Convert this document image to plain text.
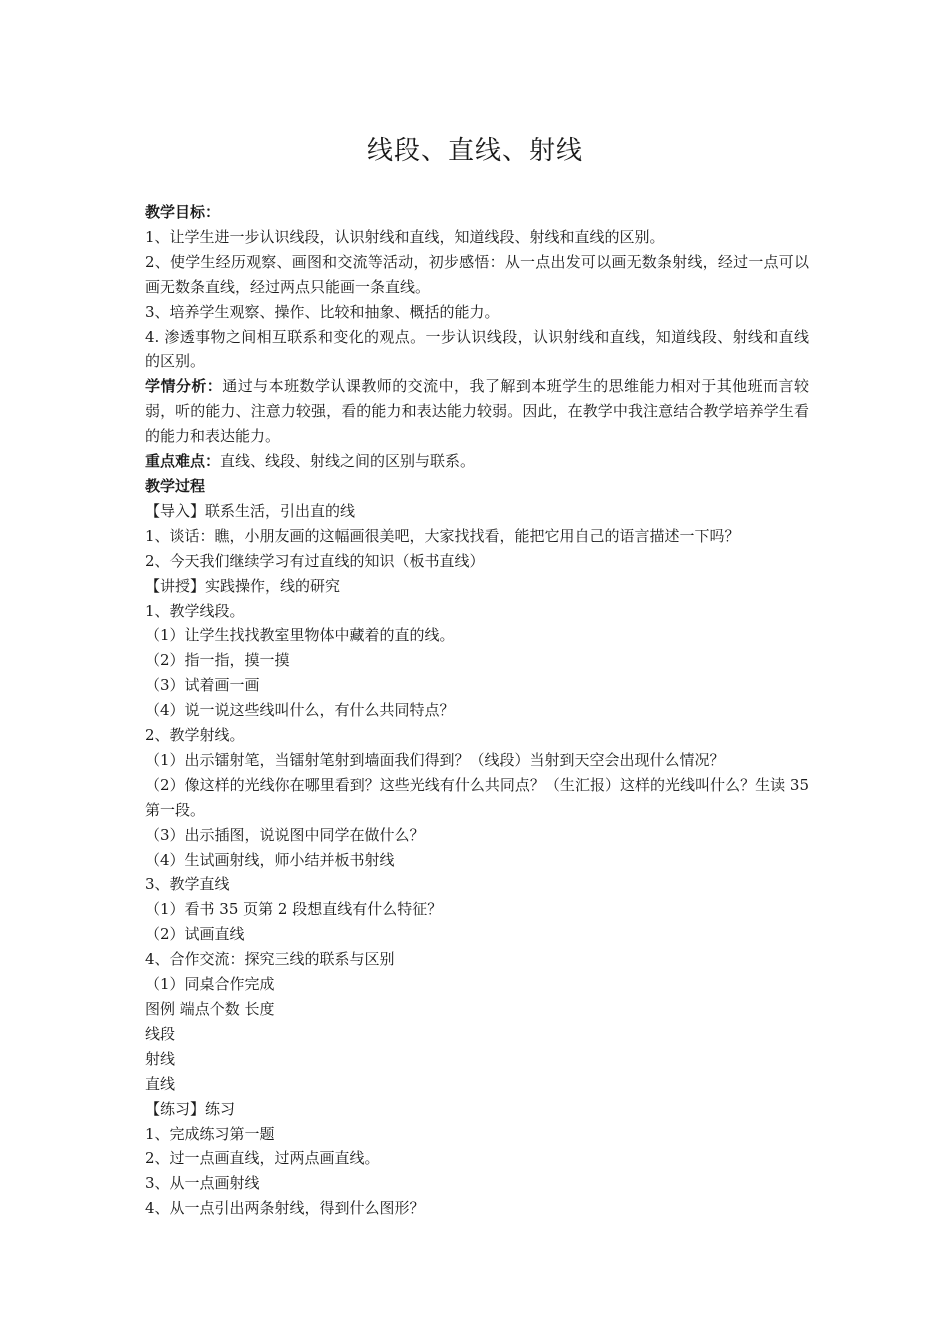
线段、直线、射线

教学目标：

1、让学生进一步认识线段，认识射线和直线，知道线段、射线和直线的区别。

2、使学生经历观察、画图和交流等活动，初步感悟：从一点出发可以画无数条射线，经过一点可以画无数条直线，经过两点只能画一条直线。

3、培养学生观察、操作、比较和抽象、概括的能力。

4. 渗透事物之间相互联系和变化的观点。一步认识线段，认识射线和直线，知道线段、射线和直线的区别。

学情分析：通过与本班数学认课教师的交流中，我了解到本班学生的思维能力相对于其他班而言较弱，听的能力、注意力较强，看的能力和表达能力较弱。因此，在教学中我注意结合教学培养学生看的能力和表达能力。

重点难点：直线、线段、射线之间的区别与联系。

教学过程

【导入】联系生活，引出直的线

1、谈话：瞧，小朋友画的这幅画很美吧，大家找找看，能把它用自己的语言描述一下吗？

2、今天我们继续学习有过直线的知识（板书直线）

【讲授】实践操作，线的研究

1、教学线段。

（1）让学生找找教室里物体中藏着的直的线。

（2）指一指，摸一摸

（3）试着画一画

（4）说一说这些线叫什么，有什么共同特点？

2、教学射线。

（1）出示镭射笔，当镭射笔射到墙面我们得到？（线段）当射到天空会出现什么情况？

（2）像这样的光线你在哪里看到？这些光线有什么共同点？（生汇报）这样的光线叫什么？生读 35 第一段。

（3）出示插图，说说图中同学在做什么？

（4）生试画射线，师小结并板书射线

3、教学直线

（1）看书 35 页第 2 段想直线有什么特征？

（2）试画直线

4、合作交流：探究三线的联系与区别

（1）同桌合作完成

图例 端点个数 长度

线段

射线

直线

【练习】练习

1、完成练习第一题

2、过一点画直线，过两点画直线。

3、从一点画射线

4、从一点引出两条射线，得到什么图形？
